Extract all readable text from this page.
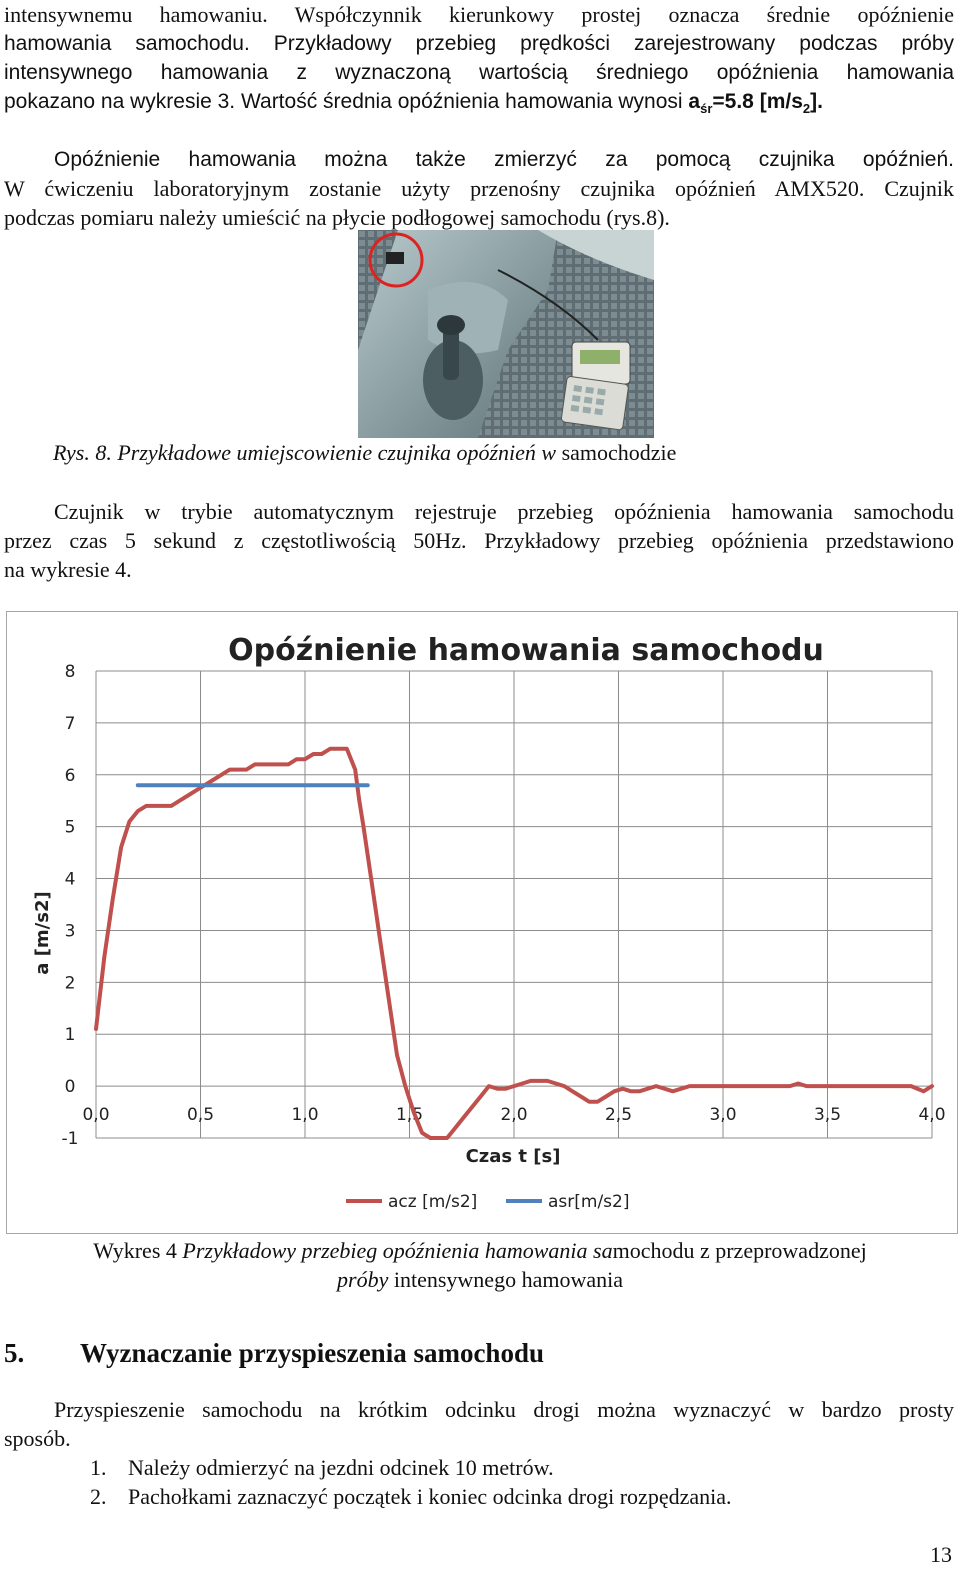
intensywnemu hamowaniu. Współczynnik kierunkowy prostej oznacza średnie opóźnienie

hamowania samochodu. Przykładowy przebieg prędkości zarejestrowany podczas próby

intensywnego hamowania z wyznaczoną wartością średniego opóźnienia hamowania

pokazano na wykresie 3. Wartość średnia opóźnienia hamowania wynosi $a_{śr}=5.8$ $[m/s_2]$.

Opóźnienie hamowania można także zmierzyć za pomocą czujnika opóźnień.

W ćwiczeniu laboratoryjnym zostanie użyty przenośny czujnika opóźnień AMX520. Czujnik

podczas pomiaru należy umieścić na płycie podłogowej samochodu (rys.8).

Rys. 8. Przykładowe umiejscowienie czujnika opóźnień w samochodzie

Czujnik w trybie automatycznym rejestruje przebieg opóźnienia hamowania samochodu

przez czas 5 sekund z częstotliwością 50Hz. Przykładowy przebieg opóźnienia przedstawiono

na wykresie 4.

-1
0
1
2
3
4
5
6
7
8
0,0	0,5	1,0	1,5	2,0	2,5	3,0	3,5	4,0
Opóźnienie hamowania samochodu
Czas t [s]
a [m/s2]
acz [m/s2]	asr[m/s2]
Wykres 4 Przykładowy przebieg opóźnienia hamowania samochodu z przeprowadzonej
próby intensywnego hamowania
5. Wyznaczanie przyspieszenia samochodu

Przyspieszenie samochodu na krótkim odcinku drogi można wyznaczyć w bardzo prosty

sposób.

1. Należy odmierzyć na jezdni odcinek 10 metrów.
2. Pachołkami zaznaczyć początek i koniec odcinka drogi rozpędzania.
13
